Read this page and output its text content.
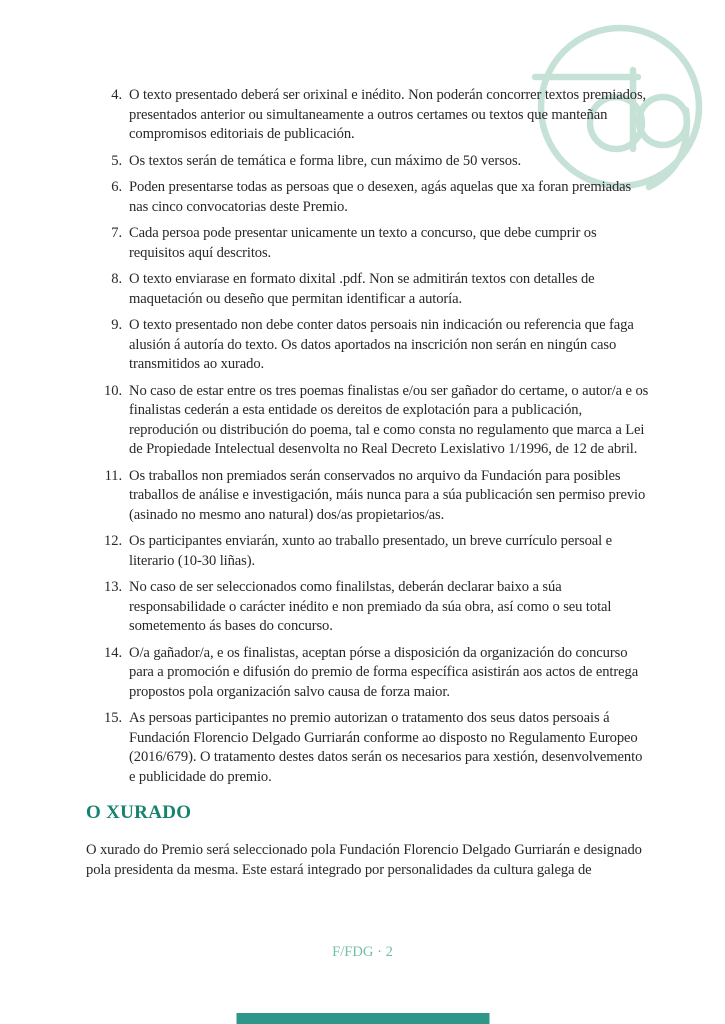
4. O texto presentado deberá ser orixinal e inédito. Non poderán concorrer textos premiados, presentados anterior ou simultaneamente a outros certames ou textos que manteñan compromisos editoriais de publicación.
5. Os textos serán de temática e forma libre, cun máximo de 50 versos.
6. Poden presentarse todas as persoas que o desexen, agás aquelas que xa foran premiadas nas cinco convocatorias deste Premio.
7. Cada persoa pode presentar unicamente un texto a concurso, que debe cumprir os requisitos aquí descritos.
8. O texto enviarase en formato dixital .pdf. Non se admitirán textos con detalles de maquetación ou deseño que permitan identificar a autoría.
9. O texto presentado non debe conter datos persoais nin indicación ou referencia que faga alusión á autoría do texto. Os datos aportados na inscrición non serán en ningún caso transmitidos ao xurado.
10. No caso de estar entre os tres poemas finalistas e/ou ser gañador do certame, o autor/a e os finalistas cederán a esta entidade os dereitos de explotación para a publicación, reprodución ou distribución do poema, tal e como consta no regulamento que marca a Lei de Propiedade Intelectual desenvolta no Real Decreto Lexislativo 1/1996, de 12 de abril.
11. Os traballos non premiados serán conservados no arquivo da Fundación para posibles traballos de análise e investigación, máis nunca para a súa publicación sen permiso previo (asinado no mesmo ano natural) dos/as propietarios/as.
12. Os participantes enviarán, xunto ao traballo presentado, un breve currículo persoal e literario (10-30 liñas).
13. No caso de ser seleccionados como finalilstas, deberán declarar baixo a súa responsabilidade o carácter inédito e non premiado da súa obra, así como o seu total sometemento ás bases do concurso.
14. O/a gañador/a, e os finalistas, aceptan pórse a disposición da organización do concurso para a promoción e difusión do premio de forma específica asistirán aos actos de entrega propostos pola organización salvo causa de forza maior.
15. As persoas participantes no premio autorizan o tratamento dos seus datos persoais á Fundación Florencio Delgado Gurriarán conforme ao disposto no Regulamento Europeo (2016/679). O tratamento destes datos serán os necesarios para xestión, desenvolvemento e publicidade do premio.
O XURADO
O xurado do Premio será seleccionado pola Fundación Florencio Delgado Gurriarán e designado pola presidenta da mesma. Este estará integrado por personalidades da cultura galega de
F/FDG · 2
